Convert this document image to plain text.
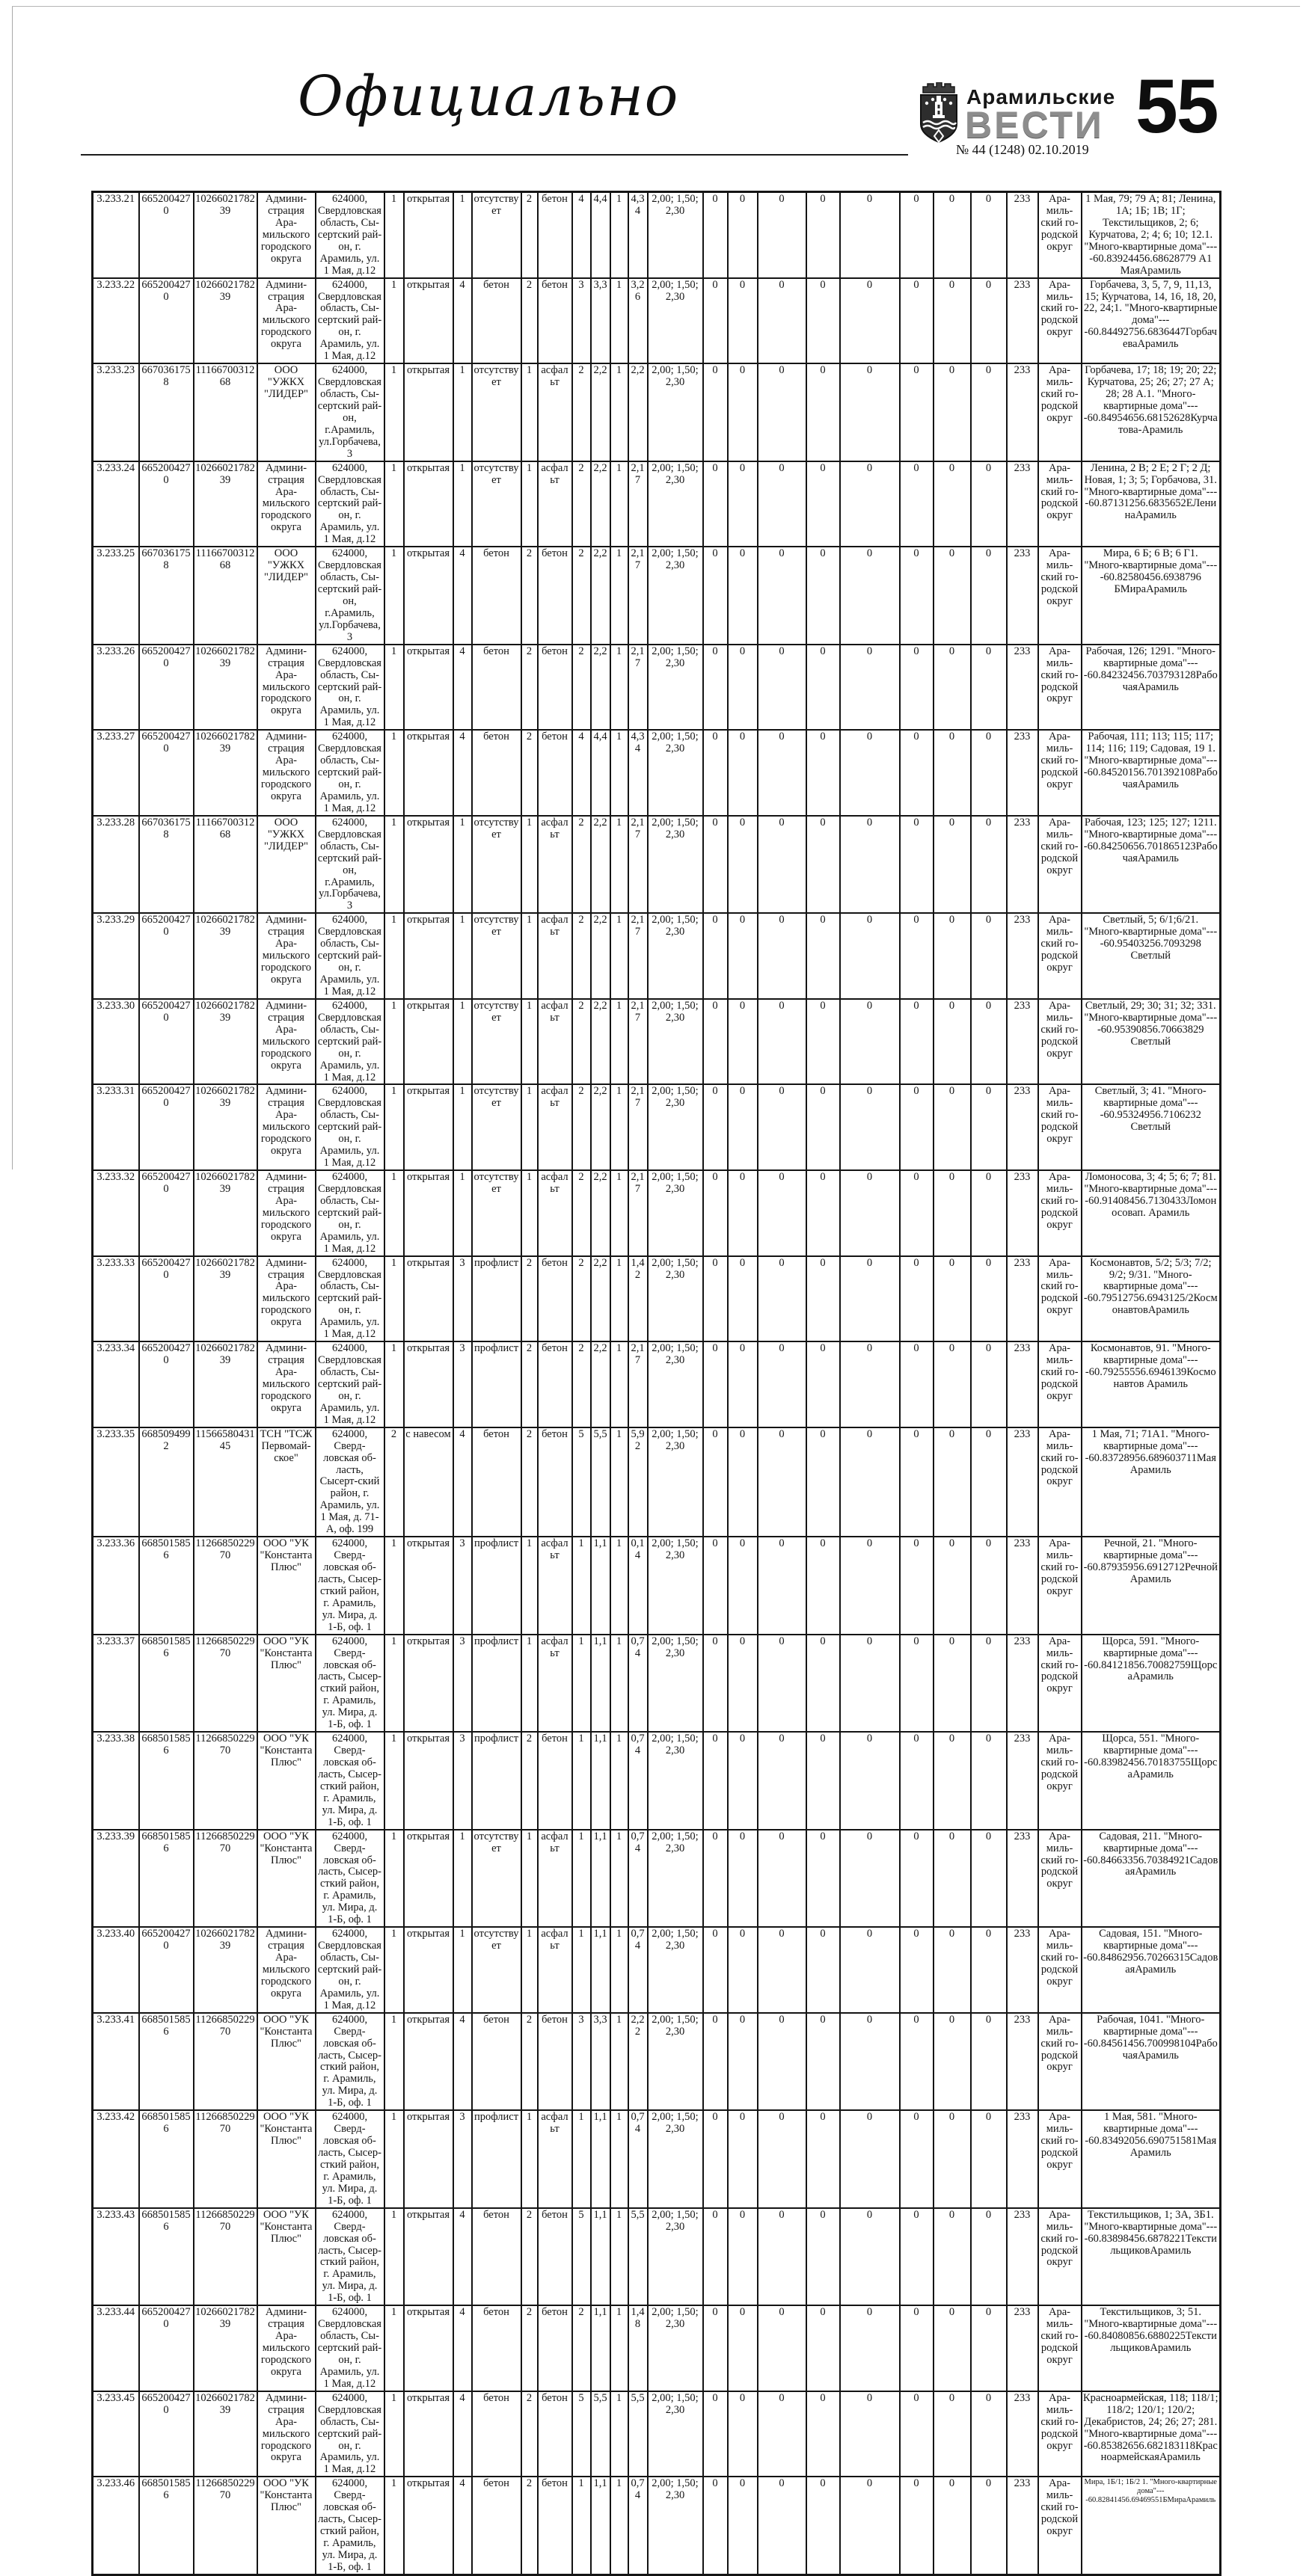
Официально	Арамильские
ВЕСТИ 55
№ 44 (1248) 02.10.2019
3.233.21	6652004270	1026602178239	Админи-страция Ара-мильского городского округа	624000, Свердловская область, Сы-сертский рай-он, г. Арамиль, ул. 1 Мая, д.12	1	открытая	1	отсутствует	2	бетон	4	4,4	1	4,34	2,00; 1,50; 2,30	0	0	0	0	0	0	0	0	233	Ара-миль-ский го-родской округ	1 Мая, 79; 79 А; 81; Ленина, 1А; 1Б; 1В; 1Г; Текстильщиков, 2; 6; Курчатова, 2; 4; 6; 10; 12.1. "Много-квартирные дома"----60.83924456.68628779 А1 МаяАрамиль
3.233.22	6652004270	1026602178239	Админи-страция Ара-мильского городского округа	624000, Свердловская область, Сы-сертский рай-он, г. Арамиль, ул. 1 Мая, д.12	1	открытая	4	бетон	2	бетон	3	3,3	1	3,26	2,00; 1,50; 2,30	0	0	0	0	0	0	0	0	233	Ара-миль-ский го-родской округ	Горбачева, 3, 5, 7, 9, 11,13, 15; Курчатова, 14, 16, 18, 20, 22, 24;1. "Много-квартирные дома"----60.84492756.6836447ГорбачеваАрамиль
3.233.23	6670361758	1116670031268	ООО "УЖКХ "ЛИДЕР"	624000, Свердловская область, Сы-сертский рай-он, г.Арамиль, ул.Горбачева, 3	1	открытая	1	отсутствует	1	асфальт	2	2,2	1	2,2	2,00; 1,50; 2,30	0	0	0	0	0	0	0	0	233	Ара-миль-ский го-родской округ	Горбачева, 17; 18; 19; 20; 22; Курчатова, 25; 26; 27; 27 А; 28; 28 А.1. "Много-квартирные дома"----60.84954656.68152628Курчатова-Арамиль
3.233.24	6652004270	1026602178239	Админи-страция Ара-мильского городского округа	624000, Свердловская область, Сы-сертский рай-он, г. Арамиль, ул. 1 Мая, д.12	1	открытая	1	отсутствует	1	асфальт	2	2,2	1	2,17	2,00; 1,50; 2,30	0	0	0	0	0	0	0	0	233	Ара-миль-ский го-родской округ	Ленина, 2 В; 2 Е; 2 Г; 2 Д; Новая, 1; 3; 5; Горбачова, 31. "Много-квартирные дома"----60.87131256.6835652ЕЛенинаАрамиль
3.233.25	6670361758	1116670031268	ООО "УЖКХ "ЛИДЕР"	624000, Свердловская область, Сы-сертский рай-он, г.Арамиль, ул.Горбачева, 3	1	открытая	4	бетон	2	бетон	2	2,2	1	2,17	2,00; 1,50; 2,30	0	0	0	0	0	0	0	0	233	Ара-миль-ский го-родской округ	Мира, 6 Б; 6 В; 6 Г1. "Много-квартирные дома"----60.82580456.6938796 БМираАрамиль
3.233.26	6652004270	1026602178239	Админи-страция Ара-мильского городского округа	624000, Свердловская область, Сы-сертский рай-он, г. Арамиль, ул. 1 Мая, д.12	1	открытая	4	бетон	2	бетон	2	2,2	1	2,17	2,00; 1,50; 2,30	0	0	0	0	0	0	0	0	233	Ара-миль-ский го-родской округ	Рабочая, 126; 1291. "Много-квартирные дома"----60.84232456.703793128РабочаяАрамиль
3.233.27	6652004270	1026602178239	Админи-страция Ара-мильского городского округа	624000, Свердловская область, Сы-сертский рай-он, г. Арамиль, ул. 1 Мая, д.12	1	открытая	4	бетон	2	бетон	4	4,4	1	4,34	2,00; 1,50; 2,30	0	0	0	0	0	0	0	0	233	Ара-миль-ский го-родской округ	Рабочая, 111; 113; 115; 117; 114; 116; 119; Садовая, 19 1. "Много-квартирные дома"----60.84520156.701392108РабочаяАрамиль
3.233.28	6670361758	1116670031268	ООО "УЖКХ "ЛИДЕР"	624000, Свердловская область, Сы-сертский рай-он, г.Арамиль, ул.Горбачева, 3	1	открытая	1	отсутствует	1	асфальт	2	2,2	1	2,17	2,00; 1,50; 2,30	0	0	0	0	0	0	0	0	233	Ара-миль-ский го-родской округ	Рабочая, 123; 125; 127; 1211. "Много-квартирные дома"----60.84250656.701865123РабочаяАрамиль
3.233.29	6652004270	1026602178239	Админи-страция Ара-мильского городского округа	624000, Свердловская область, Сы-сертский рай-он, г. Арамиль, ул. 1 Мая, д.12	1	открытая	1	отсутствует	1	асфальт	2	2,2	1	2,17	2,00; 1,50; 2,30	0	0	0	0	0	0	0	0	233	Ара-миль-ский го-родской округ	Светлый, 5; 6/1;6/21. "Много-квартирные дома"----60.95403256.7093298 Светлый
3.233.30	6652004270	1026602178239	Админи-страция Ара-мильского городского округа	624000, Свердловская область, Сы-сертский рай-он, г. Арамиль, ул. 1 Мая, д.12	1	открытая	1	отсутствует	1	асфальт	2	2,2	1	2,17	2,00; 1,50; 2,30	0	0	0	0	0	0	0	0	233	Ара-миль-ский го-родской округ	Светлый, 29; 30; 31; 32; 331. "Много-квартирные дома"----60.95390856.70663829 Светлый
3.233.31	6652004270	1026602178239	Админи-страция Ара-мильского городского округа	624000, Свердловская область, Сы-сертский рай-он, г. Арамиль, ул. 1 Мая, д.12	1	открытая	1	отсутствует	1	асфальт	2	2,2	1	2,17	2,00; 1,50; 2,30	0	0	0	0	0	0	0	0	233	Ара-миль-ский го-родской округ	Светлый, 3; 41. "Много-квартирные дома"----60.95324956.7106232 Светлый
3.233.32	6652004270	1026602178239	Админи-страция Ара-мильского городского округа	624000, Свердловская область, Сы-сертский рай-он, г. Арамиль, ул. 1 Мая, д.12	1	открытая	1	отсутствует	1	асфальт	2	2,2	1	2,17	2,00; 1,50; 2,30	0	0	0	0	0	0	0	0	233	Ара-миль-ский го-родской округ	Ломоносова, 3; 4; 5; 6; 7; 81. "Много-квартирные дома"----60.91408456.7130433Ломоносовап. Арамиль
3.233.33	6652004270	1026602178239	Админи-страция Ара-мильского городского округа	624000, Свердловская область, Сы-сертский рай-он, г. Арамиль, ул. 1 Мая, д.12	1	открытая	3	профлист	2	бетон	2	2,2	1	1,42	2,00; 1,50; 2,30	0	0	0	0	0	0	0	0	233	Ара-миль-ский го-родской округ	Космонавтов, 5/2; 5/3; 7/2; 9/2; 9/31. "Много-квартирные дома"----60.79512756.6943125/2КосмонавтовАрамиль
3.233.34	6652004270	1026602178239	Админи-страция Ара-мильского городского округа	624000, Свердловская область, Сы-сертский рай-он, г. Арамиль, ул. 1 Мая, д.12	1	открытая	3	профлист	2	бетон	2	2,2	1	2,17	2,00; 1,50; 2,30	0	0	0	0	0	0	0	0	233	Ара-миль-ский го-родской округ	Космонавтов, 91. "Много-квартирные дома"----60.79255556.6946139Космонавтов Арамиль
3.233.35	6685094992	1156658043145	ТСН "ТСЖ Первомай-ское"	624000, Сверд-ловская об-ласть, Сысерт-ский район, г. Арамиль, ул. 1 Мая, д. 71-А, оф. 199	2	с навесом	4	бетон	2	бетон	5	5,5	1	5,92	2,00; 1,50; 2,30	0	0	0	0	0	0	0	0	233	Ара-миль-ский го-родской округ	1 Мая, 71; 71А1. "Много-квартирные дома"----60.83728956.689603711МаяАрамиль
3.233.36	6685015856	1126685022970	ООО "УК "Константа Плюс"	624000, Сверд-ловская об-ласть, Сысер-сткий район, г. Арамиль, ул. Мира, д. 1-Б, оф. 1	1	открытая	3	профлист	1	асфальт	1	1,1	1	0,14	2,00; 1,50; 2,30	0	0	0	0	0	0	0	0	233	Ара-миль-ский го-родской округ	Речной, 21. "Много-квартирные дома"----60.87935956.6912712РечнойАрамиль
3.233.37	6685015856	1126685022970	ООО "УК "Константа Плюс"	624000, Сверд-ловская об-ласть, Сысер-сткий район, г. Арамиль, ул. Мира, д. 1-Б, оф. 1	1	открытая	3	профлист	1	асфальт	1	1,1	1	0,74	2,00; 1,50; 2,30	0	0	0	0	0	0	0	0	233	Ара-миль-ский го-родской округ	Щорса, 591. "Много-квартирные дома"----60.84121856.70082759ЩорсаАрамиль
3.233.38	6685015856	1126685022970	ООО "УК "Константа Плюс"	624000, Сверд-ловская об-ласть, Сысер-сткий район, г. Арамиль, ул. Мира, д. 1-Б, оф. 1	1	открытая	3	профлист	2	бетон	1	1,1	1	0,74	2,00; 1,50; 2,30	0	0	0	0	0	0	0	0	233	Ара-миль-ский го-родской округ	Щорса, 551. "Много-квартирные дома"----60.83982456.70183755ЩорсаАрамиль
3.233.39	6685015856	1126685022970	ООО "УК "Константа Плюс"	624000, Сверд-ловская об-ласть, Сысер-сткий район, г. Арамиль, ул. Мира, д. 1-Б, оф. 1	1	открытая	1	отсутствует	1	асфальт	1	1,1	1	0,74	2,00; 1,50; 2,30	0	0	0	0	0	0	0	0	233	Ара-миль-ский го-родской округ	Садовая, 211. "Много-квартирные дома"----60.84663356.70384921СадоваяАрамиль
3.233.40	6652004270	1026602178239	Админи-страция Ара-мильского городского округа	624000, Свердловская область, Сы-сертский рай-он, г. Арамиль, ул. 1 Мая, д.12	1	открытая	1	отсутствует	1	асфальт	1	1,1	1	0,74	2,00; 1,50; 2,30	0	0	0	0	0	0	0	0	233	Ара-миль-ский го-родской округ	Садовая, 151. "Много-квартирные дома"----60.84862956.70266315СадоваяАрамиль
3.233.41	6685015856	1126685022970	ООО "УК "Константа Плюс"	624000, Сверд-ловская об-ласть, Сысер-сткий район, г. Арамиль, ул. Мира, д. 1-Б, оф. 1	1	открытая	4	бетон	2	бетон	3	3,3	1	2,22	2,00; 1,50; 2,30	0	0	0	0	0	0	0	0	233	Ара-миль-ский го-родской округ	Рабочая, 1041. "Много-квартирные дома"----60.84561456.700998104РабочаяАрамиль
3.233.42	6685015856	1126685022970	ООО "УК "Константа Плюс"	624000, Сверд-ловская об-ласть, Сысер-сткий район, г. Арамиль, ул. Мира, д. 1-Б, оф. 1	1	открытая	3	профлист	1	асфальт	1	1,1	1	0,74	2,00; 1,50; 2,30	0	0	0	0	0	0	0	0	233	Ара-миль-ский го-родской округ	1 Мая, 581. "Много-квартирные дома"----60.83492056.690751581МаяАрамиль
3.233.43	6685015856	1126685022970	ООО "УК "Константа Плюс"	624000, Сверд-ловская об-ласть, Сысер-сткий район, г. Арамиль, ул. Мира, д. 1-Б, оф. 1	1	открытая	4	бетон	2	бетон	5	1,1	1	5,5	2,00; 1,50; 2,30	0	0	0	0	0	0	0	0	233	Ара-миль-ский го-родской округ	Текстильщиков, 1; 3А, 3Б1. "Много-квартирные дома"----60.83898456.6878221ТекстильщиковАрамиль
3.233.44	6652004270	1026602178239	Админи-страция Ара-мильского городского округа	624000, Свердловская область, Сы-сертский рай-он, г. Арамиль, ул. 1 Мая, д.12	1	открытая	4	бетон	2	бетон	2	1,1	1	1,48	2,00; 1,50; 2,30	0	0	0	0	0	0	0	0	233	Ара-миль-ский го-родской округ	Текстильщиков, 3; 51. "Много-квартирные дома"----60.84080856.6880225ТекстильщиковАрамиль
3.233.45	6652004270	1026602178239	Админи-страция Ара-мильского городского округа	624000, Свердловская область, Сы-сертский рай-он, г. Арамиль, ул. 1 Мая, д.12	1	открытая	4	бетон	2	бетон	5	5,5	1	5,5	2,00; 1,50; 2,30	0	0	0	0	0	0	0	0	233	Ара-миль-ский го-родской округ	Красноармейская, 118; 118/1; 118/2; 120/1; 120/2; Декабристов, 24; 26; 27; 281. "Много-квартирные дома"----60.85382656.682183118КрасноармейскаяАрамиль
3.233.46	6685015856	1126685022970	ООО "УК "Константа Плюс"	624000, Сверд-ловская об-ласть, Сысер-сткий район, г. Арамиль, ул. Мира, д. 1-Б, оф. 1	1	открытая	4	бетон	2	бетон	1	1,1	1	0,74	2,00; 1,50; 2,30	0	0	0	0	0	0	0	0	233	Ара-миль-ский го-родской округ	Мира, 1Б/1; 1Б/2 1. "Много-квартирные дома"----60.82841456.69469551БМираАрамиль
